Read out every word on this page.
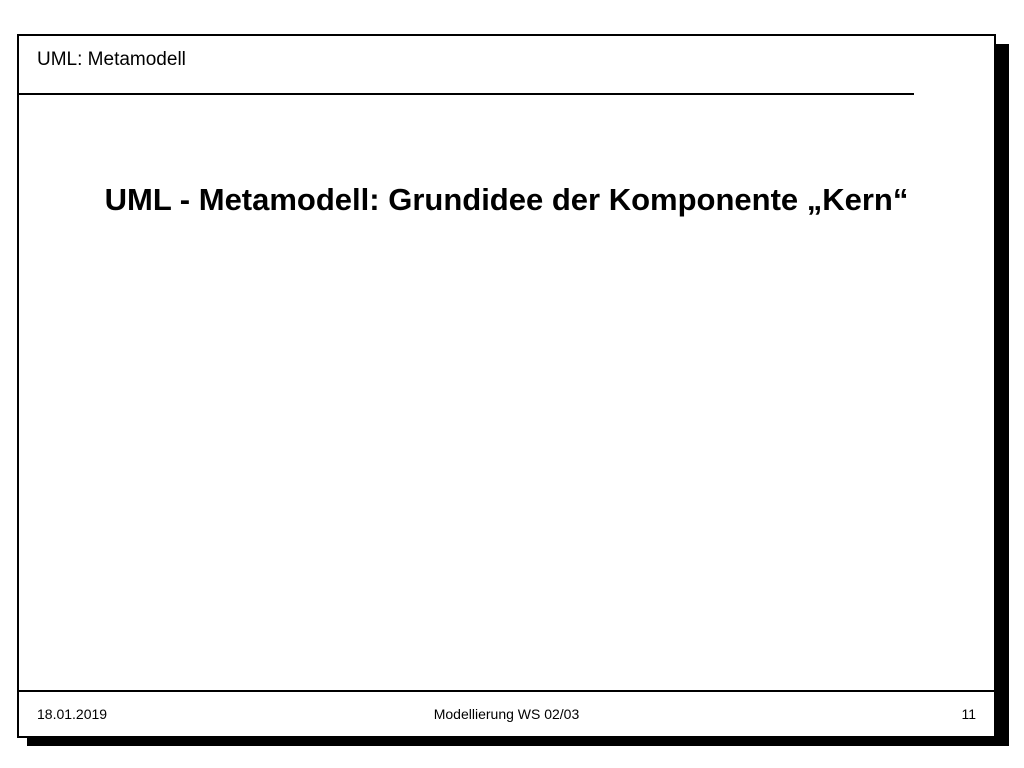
UML: Metamodell
UML - Metamodell: Grundidee der Komponente „Kern“
18.01.2019	Modellierung WS 02/03	11
